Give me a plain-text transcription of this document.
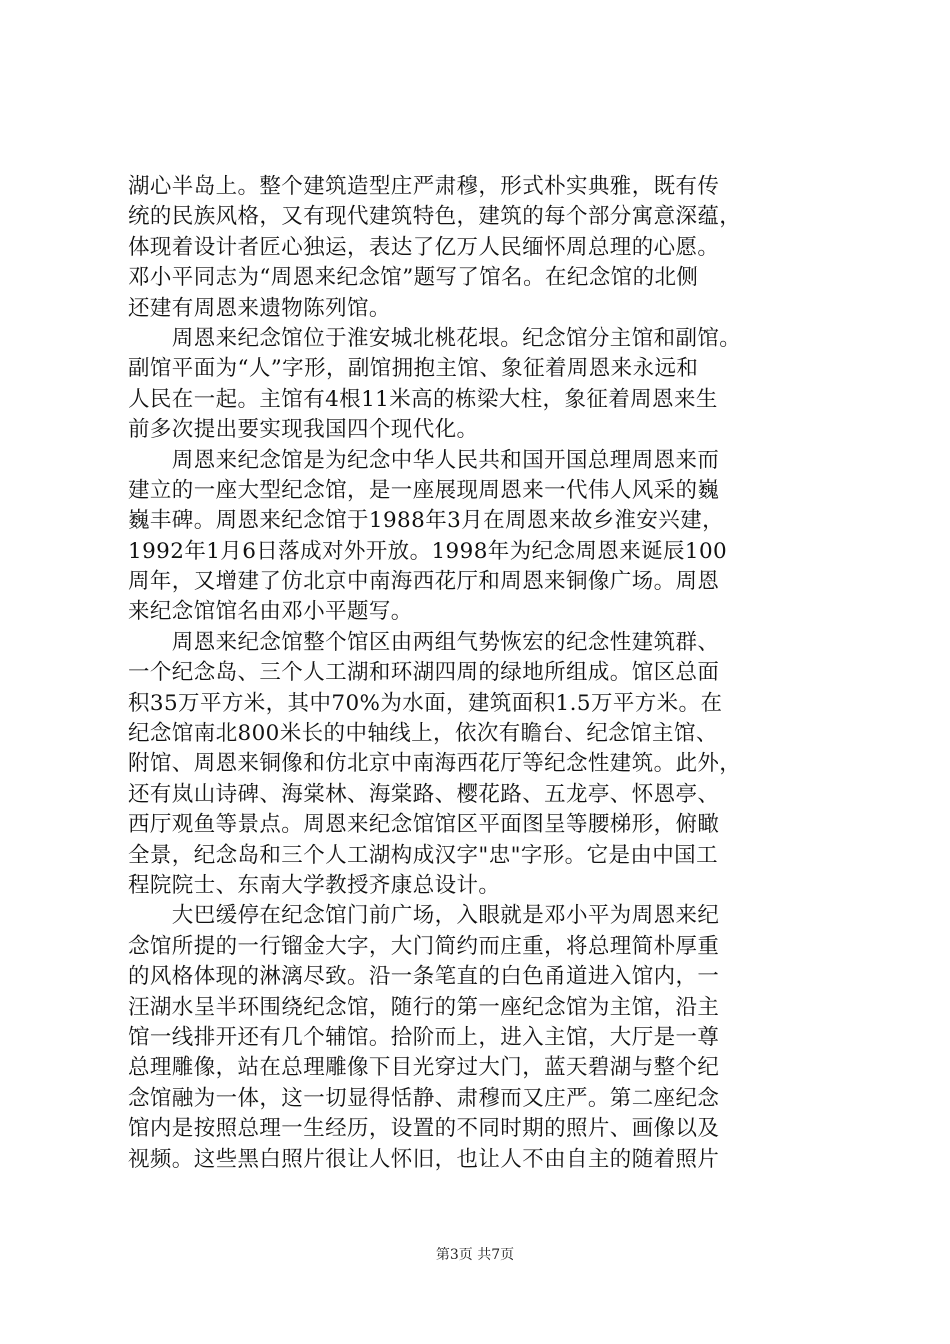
湖心半岛上。整个建筑造型庄严肃穆，形式朴实典雅，既有传
统的民族风格，又有现代建筑特色，建筑的每个部分寓意深蕴，
体现着设计者匠心独运，表达了亿万人民缅怀周总理的心愿。
邓小平同志为“周恩来纪念馆”题写了馆名。在纪念馆的北侧
还建有周恩来遗物陈列馆。
　　周恩来纪念馆位于淮安城北桃花垠。纪念馆分主馆和副馆。
副馆平面为“人”字形，副馆拥抱主馆、象征着周恩来永远和
人民在一起。主馆有4根11米高的栋梁大柱，象征着周恩来生
前多次提出要实现我国四个现代化。
　　周恩来纪念馆是为纪念中华人民共和国开国总理周恩来而
建立的一座大型纪念馆，是一座展现周恩来一代伟人风采的巍
巍丰碑。周恩来纪念馆于1988年3月在周恩来故乡淮安兴建，
1992年1月6日落成对外开放。1998年为纪念周恩来诞辰100
周年，又增建了仿北京中南海西花厅和周恩来铜像广场。周恩
来纪念馆馆名由邓小平题写。
　　周恩来纪念馆整个馆区由两组气势恢宏的纪念性建筑群、
一个纪念岛、三个人工湖和环湖四周的绿地所组成。馆区总面
积35万平方米，其中70%为水面，建筑面积1.5万平方米。在
纪念馆南北800米长的中轴线上，依次有瞻台、纪念馆主馆、
附馆、周恩来铜像和仿北京中南海西花厅等纪念性建筑。此外，
还有岚山诗碑、海棠林、海棠路、樱花路、五龙亭、怀恩亭、
西厅观鱼等景点。周恩来纪念馆馆区平面图呈等腰梯形，俯瞰
全景，纪念岛和三个人工湖构成汉字"忠"字形。它是由中国工
程院院士、东南大学教授齐康总设计。
　　大巴缓停在纪念馆门前广场，入眼就是邓小平为周恩来纪
念馆所提的一行镏金大字，大门简约而庄重，将总理简朴厚重
的风格体现的淋漓尽致。沿一条笔直的白色甬道进入馆内，一
汪湖水呈半环围绕纪念馆，随行的第一座纪念馆为主馆，沿主
馆一线排开还有几个辅馆。拾阶而上，进入主馆，大厅是一尊
总理雕像，站在总理雕像下目光穿过大门，蓝天碧湖与整个纪
念馆融为一体，这一切显得恬静、肃穆而又庄严。第二座纪念
馆内是按照总理一生经历，设置的不同时期的照片、画像以及
视频。这些黑白照片很让人怀旧，也让人不由自主的随着照片
第3页 共7页
